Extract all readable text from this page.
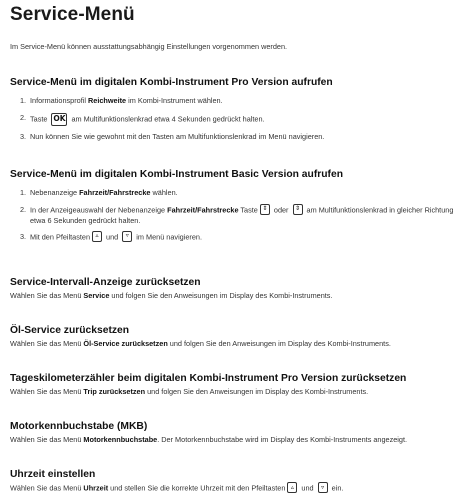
Service-Menü
Im Service-Menü können ausstattungsabhängig Einstellungen vorgenommen werden.
Service-Menü im digitalen Kombi-Instrument Pro Version aufrufen
1. Informationsprofil Reichweite im Kombi-Instrument wählen.
2. Taste OK am Multifunktionslenkrad etwa 4 Sekunden gedrückt halten.
3. Nun können Sie wie gewohnt mit den Tasten am Multifunktionslenkrad im Menü navigieren.
Service-Menü im digitalen Kombi-Instrument Basic Version aufrufen
1. Nebenanzeige Fahrzeit/Fahrstrecke wählen.
2. In der Anzeigeauswahl der Nebenanzeige Fahrzeit/Fahrstrecke Taste ⇕ oder ⇕ am Multifunktionslenkrad in gleicher Richtung etwa 6 Sekunden gedrückt halten.
3. Mit den Pfeiltasten ▵ und ▿ im Menü navigieren.
Service-Intervall-Anzeige zurücksetzen

Wählen Sie das Menü Service und folgen Sie den Anweisungen im Display des Kombi-Instruments.

Öl-Service zurücksetzen

Wählen Sie das Menü Öl-Service zurücksetzen und folgen Sie den Anweisungen im Display des Kombi-Instruments.

Tageskilometerzähler beim digitalen Kombi-Instrument Pro Version zurücksetzen

Wählen Sie das Menü Trip zurücksetzen und folgen Sie den Anweisungen im Display des Kombi-Instruments.

Motorkennbuchstabe (MKB)

Wählen Sie das Menü Motorkennbuchstabe. Der Motorkennbuchstabe wird im Display des Kombi-Instruments angezeigt.

Uhrzeit einstellen

Wählen Sie das Menü Uhrzeit und stellen Sie die korrekte Uhrzeit mit den Pfeiltasten ▵ und ▿ ein.
